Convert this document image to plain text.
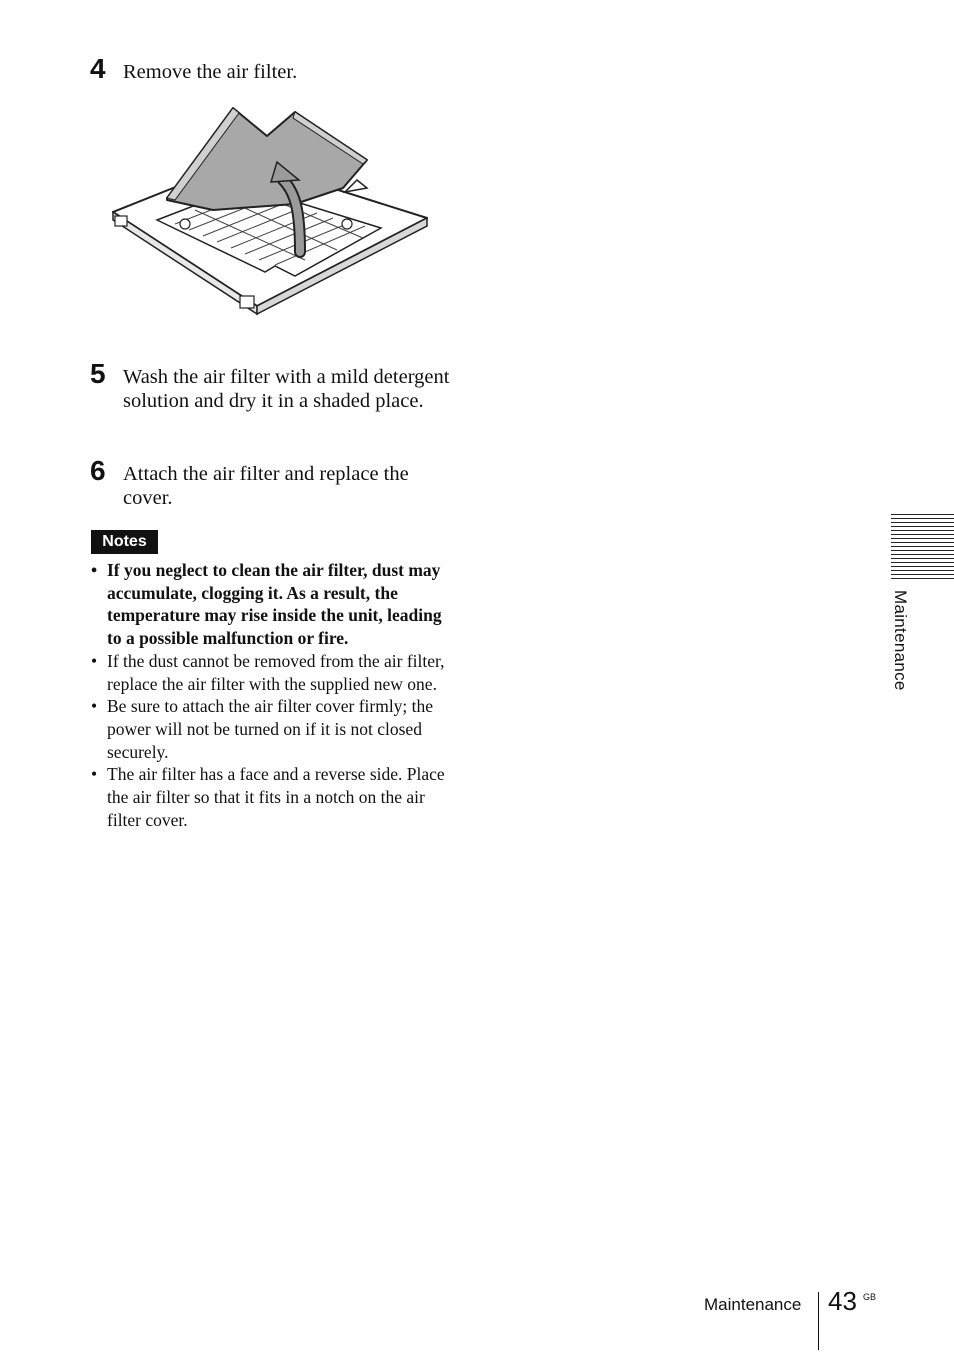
4 Remove the air filter.
5 Wash the air filter with a mild detergent solution and dry it in a shaded place.
6 Attach the air filter and replace the cover.
Notes
• If you neglect to clean the air filter, dust may accumulate, clogging it. As a result, the temperature may rise inside the unit, leading to a possible malfunction or fire.
• If the dust cannot be removed from the air filter, replace the air filter with the supplied new one.
• Be sure to attach the air filter cover firmly; the power will not be turned on if it is not closed securely.
• The air filter has a face and a reverse side. Place the air filter so that it fits in a notch on the air filter cover.
Maintenance
Maintenance 43 GB
